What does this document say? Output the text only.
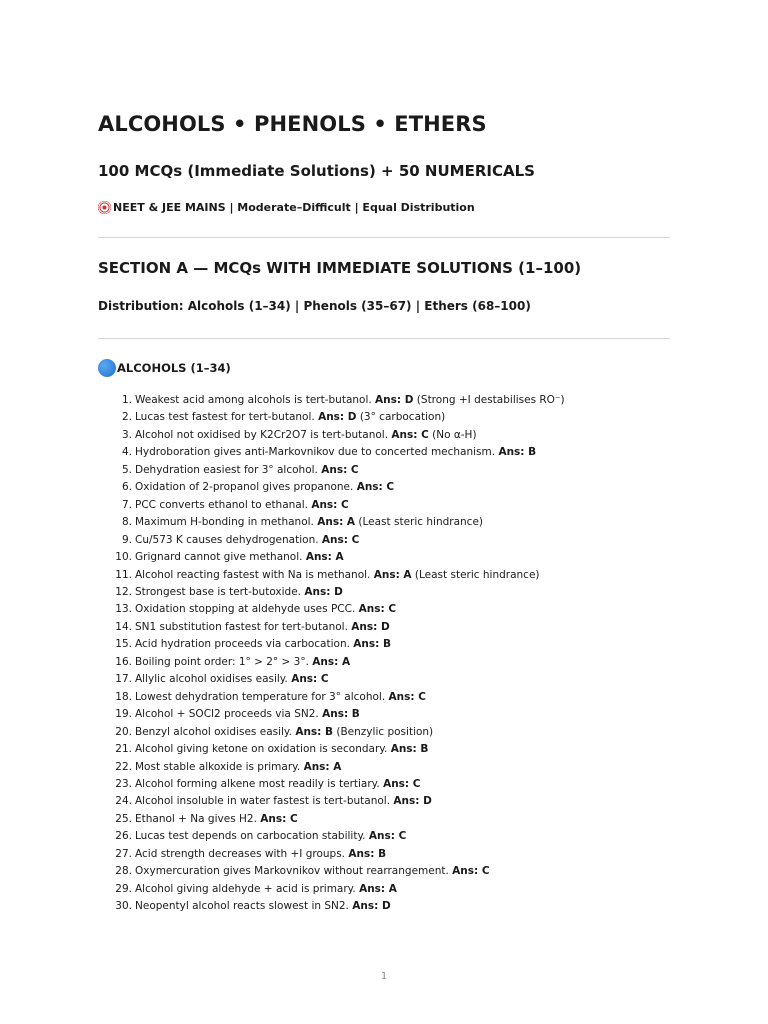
ALCOHOLS • PHENOLS • ETHERS
100 MCQs (Immediate Solutions) + 50 NUMERICALS

NEET & JEE MAINS | Moderate–Difficult | Equal Distribution

SECTION A — MCQs WITH IMMEDIATE SOLUTIONS (1–100)

Distribution: Alcohols (1–34) | Phenols (35–67) | Ethers (68–100)

ALCOHOLS (1–34)

1. Weakest acid among alcohols is tert-butanol. Ans: D (Strong +I destabilises RO⁻)
2. Lucas test fastest for tert-butanol. Ans: D (3° carbocation)
3. Alcohol not oxidised by K2Cr2O7 is tert-butanol. Ans: C (No α-H)
4. Hydroboration gives anti-Markovnikov due to concerted mechanism. Ans: B
5. Dehydration easiest for 3° alcohol. Ans: C
6. Oxidation of 2-propanol gives propanone. Ans: C
7. PCC converts ethanol to ethanal. Ans: C
8. Maximum H-bonding in methanol. Ans: A (Least steric hindrance)
9. Cu/573 K causes dehydrogenation. Ans: C
10. Grignard cannot give methanol. Ans: A
11. Alcohol reacting fastest with Na is methanol. Ans: A (Least steric hindrance)
12. Strongest base is tert-butoxide. Ans: D
13. Oxidation stopping at aldehyde uses PCC. Ans: C
14. SN1 substitution fastest for tert-butanol. Ans: D
15. Acid hydration proceeds via carbocation. Ans: B
16. Boiling point order: 1° > 2° > 3°. Ans: A
17. Allylic alcohol oxidises easily. Ans: C
18. Lowest dehydration temperature for 3° alcohol. Ans: C
19. Alcohol + SOCl2 proceeds via SN2. Ans: B
20. Benzyl alcohol oxidises easily. Ans: B (Benzylic position)
21. Alcohol giving ketone on oxidation is secondary. Ans: B
22. Most stable alkoxide is primary. Ans: A
23. Alcohol forming alkene most readily is tertiary. Ans: C
24. Alcohol insoluble in water fastest is tert-butanol. Ans: D
25. Ethanol + Na gives H2. Ans: C
26. Lucas test depends on carbocation stability. Ans: C
27. Acid strength decreases with +I groups. Ans: B
28. Oxymercuration gives Markovnikov without rearrangement. Ans: C
29. Alcohol giving aldehyde + acid is primary. Ans: A
30. Neopentyl alcohol reacts slowest in SN2. Ans: D
1
